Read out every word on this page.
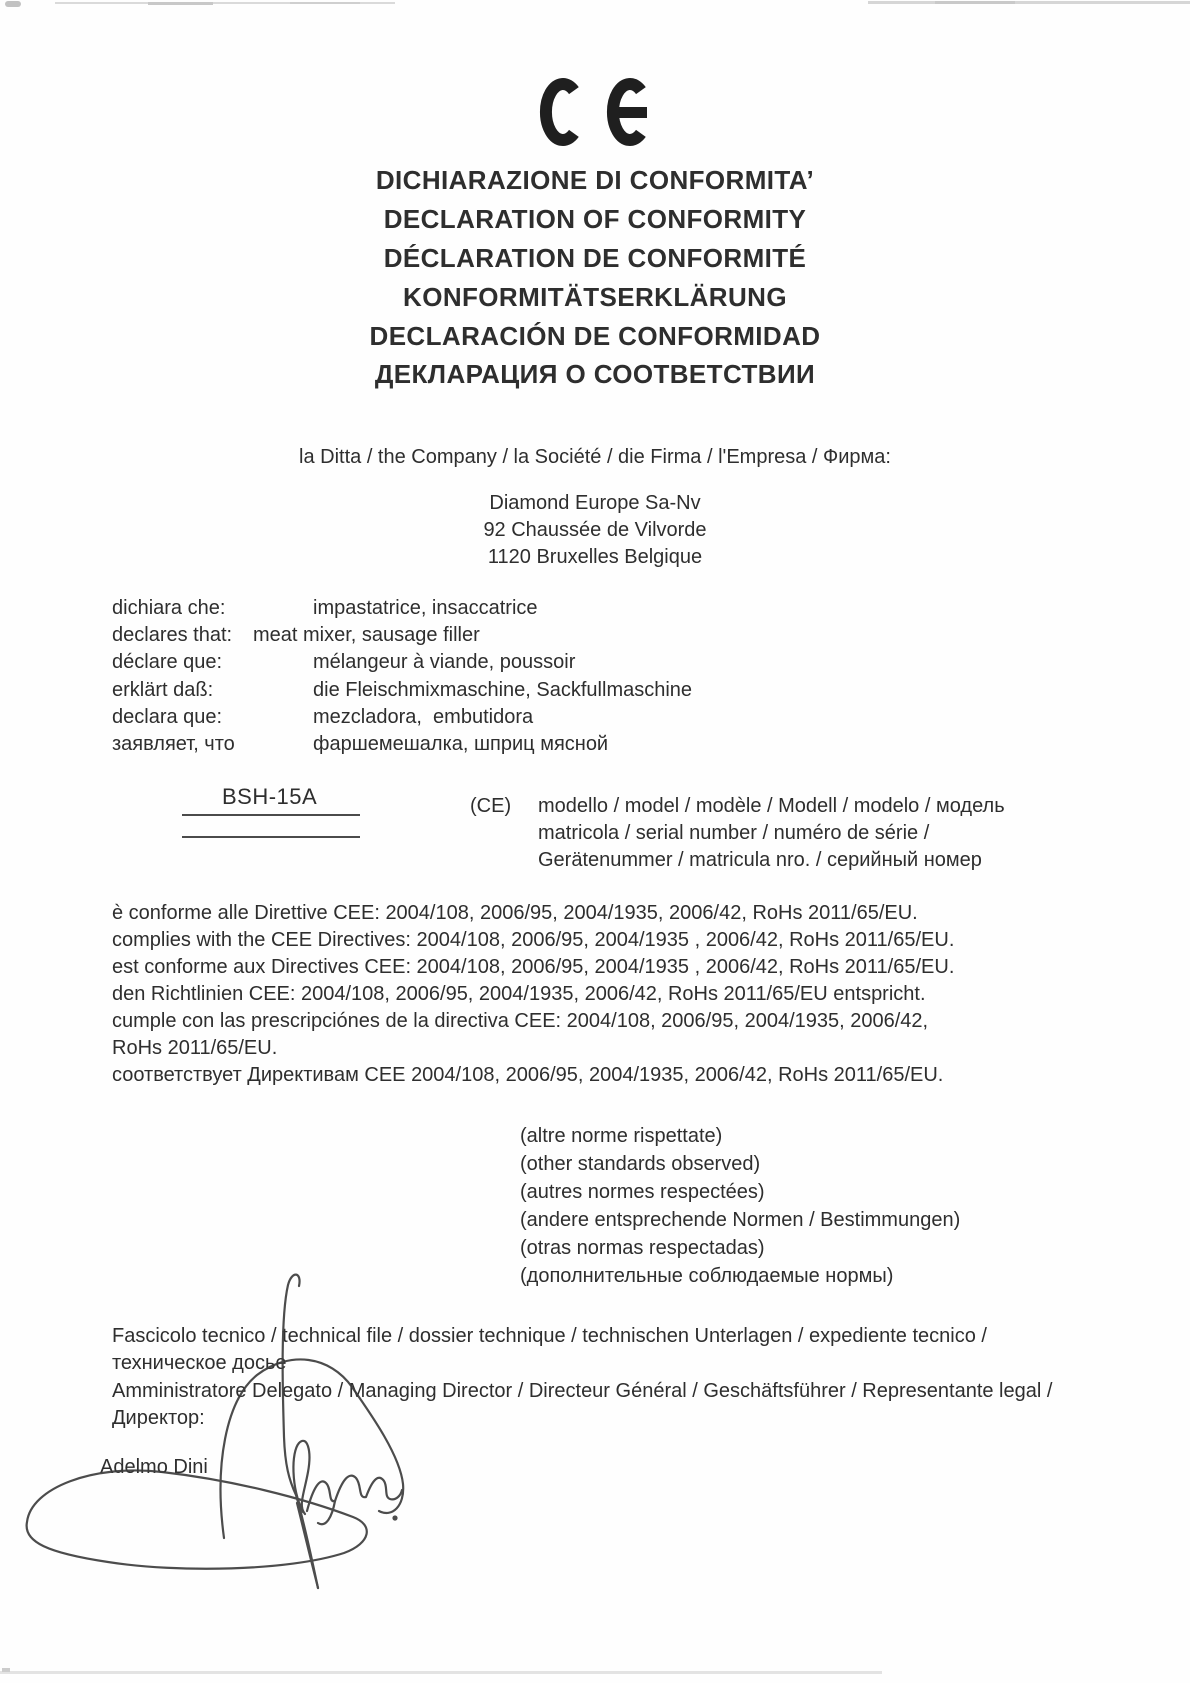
DICHIARAZIONE DI CONFORMITA’
DECLARATION OF CONFORMITY
DÉCLARATION DE CONFORMITÉ
KONFORMITÄTSERKLÄRUNG
DECLARACIÓN DE CONFORMIDAD
ДЕКЛАРАЦИЯ О СООТВЕТСТВИИ
la Ditta / the Company / la Société / die Firma / l'Empresa / Фирма:
Diamond Europe Sa-Nv
92 Chaussée de Vilvorde
1120 Bruxelles Belgique
dichiara che:	impastatrice, insaccatrice
declares that: meat mixer, sausage filler
déclare que:	mélangeur à viande, poussoir
erklärt daß:	die Fleischmixmaschine, Sackfullmaschine
declara que:	mezcladora,  embutidora
заявляет, что	фаршемешалка, шприц мясной
BSH-15A	(CE) modello / model / modèle / Modell / modelo / модель
matricola / serial number / numéro de série /
Gerätenummer / matricula nro. / серийный номер
è conforme alle Direttive CEE: 2004/108, 2006/95, 2004/1935, 2006/42, RoHs 2011/65/EU.
complies with the CEE Directives: 2004/108, 2006/95, 2004/1935 , 2006/42, RoHs 2011/65/EU.
est conforme aux Directives CEE: 2004/108, 2006/95, 2004/1935 , 2006/42, RoHs 2011/65/EU.
den Richtlinien CEE: 2004/108, 2006/95, 2004/1935, 2006/42, RoHs 2011/65/EU entspricht.
cumple con las prescripciónes de la directiva CEE: 2004/108, 2006/95, 2004/1935, 2006/42,
RoHs 2011/65/EU.
соответствует Директивам CEE 2004/108, 2006/95, 2004/1935, 2006/42, RoHs 2011/65/EU.
(altre norme rispettate)
(other standards observed)
(autres normes respectées)
(andere entsprechende Normen / Bestimmungen)
(otras normas respectadas)
(дополнительные соблюдаемые нормы)
Fascicolo tecnico / technical file / dossier technique / technischen Unterlagen / expediente tecnico /
техническое досье
Amministratore Delegato / Managing Director / Directeur Général / Geschäftsführer / Representante legal /
Директор:
Adelmo Dini
